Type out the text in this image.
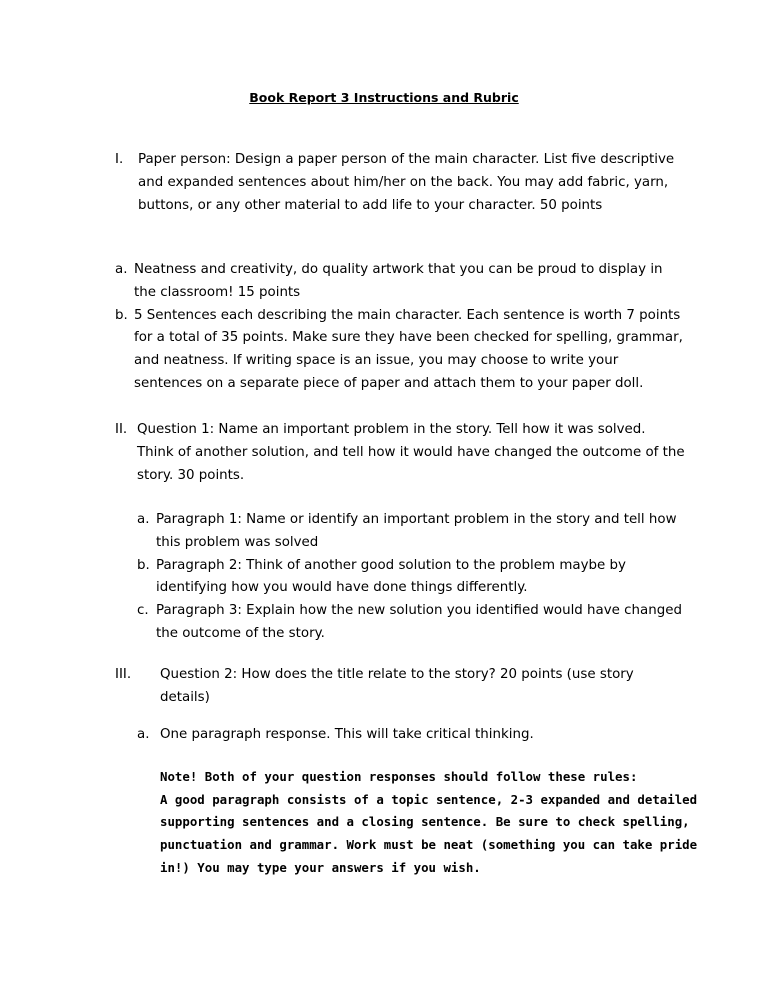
Book Report 3 Instructions and Rubric
I.	Paper person: Design a paper person of the main character. List five descriptive and expanded sentences about him/her on the back. You may add fabric, yarn, buttons, or any other material to add life to your character. 50 points
a. Neatness and creativity, do quality artwork that you can be proud to display in the classroom! 15 points
b. 5 Sentences each describing the main character. Each sentence is worth 7 points for a total of 35 points. Make sure they have been checked for spelling, grammar, and neatness. If writing space is an issue, you may choose to write your sentences on a separate piece of paper and attach them to your paper doll.
II. Question 1: Name an important problem in the story. Tell how it was solved. Think of another solution, and tell how it would have changed the outcome of the story. 30 points.
a. Paragraph 1: Name or identify an important problem in the story and tell how this problem was solved
b. Paragraph 2: Think of another good solution to the problem maybe by identifying how you would have done things differently.
c. Paragraph 3: Explain how the new solution you identified would have changed the outcome of the story.
III. Question 2: How does the title relate to the story? 20 points (use story details)
a. One paragraph response. This will take critical thinking.
Note! Both of your question responses should follow these rules:
A good paragraph consists of a topic sentence, 2-3 expanded and detailed supporting sentences and a closing sentence. Be sure to check spelling, punctuation and grammar. Work must be neat (something you can take pride in!) You may type your answers if you wish.
